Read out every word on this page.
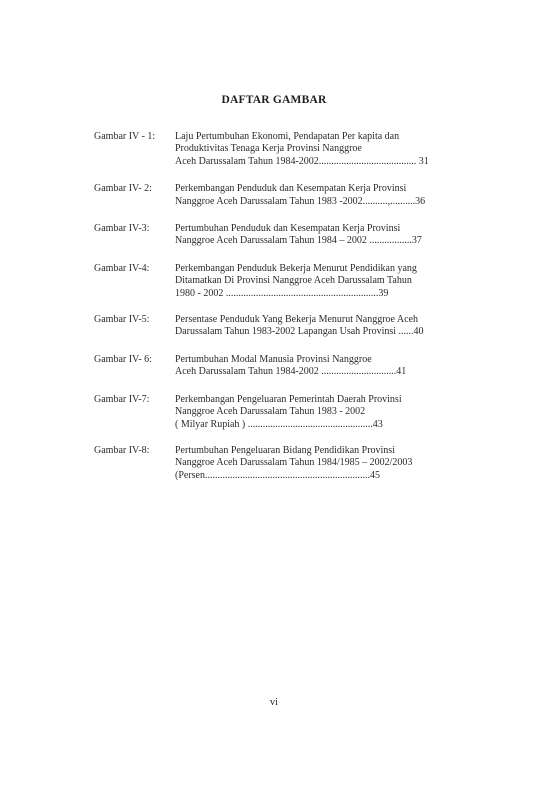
DAFTAR GAMBAR
Gambar IV - 1:	Laju Pertumbuhan Ekonomi, Pendapatan Per kapita dan
Produktivitas Tenaga Kerja Provinsi Nanggroe
Aceh Darussalam Tahun 1984-2002....................................... 31
Gambar IV- 2:	Perkembangan Penduduk dan Kesempatan Kerja Provinsi
Nanggroe Aceh Darussalam Tahun 1983 -2002..........,..........36
Gambar IV-3:	Pertumbuhan Penduduk dan Kesempatan Kerja Provinsi
Nanggroe Aceh Darussalam Tahun 1984 – 2002 .................37
Gambar IV-4:	Perkembangan Penduduk Bekerja Menurut Pendidikan yang
Ditamatkan Di Provinsi Nanggroe Aceh Darussalam Tahun
1980 - 2002 .............................................................39
Gambar IV-5:	Persentase Penduduk Yang Bekerja Menurut Nanggroe Aceh
Darussalam Tahun 1983-2002 Lapangan Usah Provinsi ......40
Gambar IV- 6:	Pertumbuhan Modal Manusia Provinsi Nanggroe
Aceh Darussalam Tahun 1984-2002 ..............................41
Gambar IV-7:	Perkembangan Pengeluaran Pemerintah Daerah Provinsi
Nanggroe Aceh Darussalam Tahun 1983 - 2002
( Milyar Rupiah ) ..................................................43
Gambar IV-8:	Pertumbuhan Pengeluaran Bidang Pendidikan Provinsi
Nanggroe Aceh Darussalam Tahun 1984/1985 – 2002/2003
(Persen..................................................................45
vi
